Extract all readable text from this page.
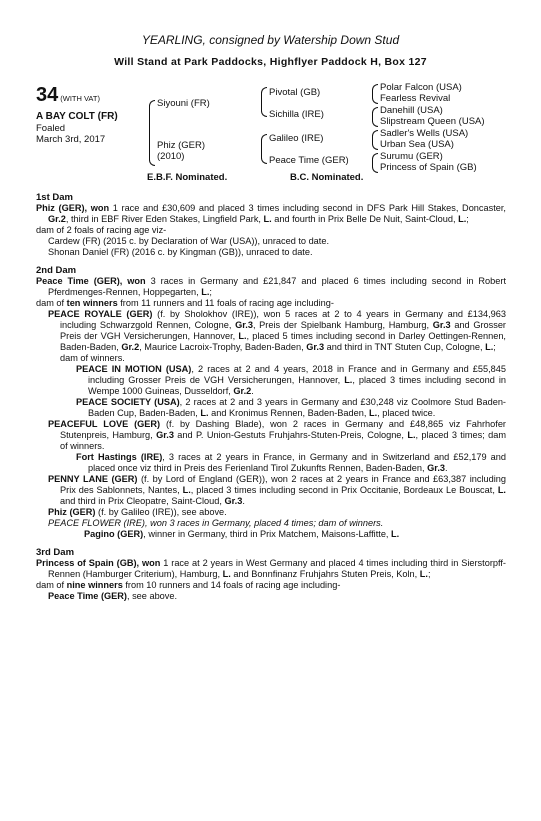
YEARLING, consigned by Watership Down Stud
Will Stand at Park Paddocks, Highflyer Paddock H, Box 127
34 (WITH VAT)
A BAY COLT (FR)
Foaled
March 3rd, 2017
Siyouni (FR)
Phiz (GER)
(2010)
Pivotal (GB)
Sichilla (IRE)
Galileo (IRE)
Peace Time (GER)
Polar Falcon (USA)
Fearless Revival
Danehill (USA)
Slipstream Queen (USA)
Sadler's Wells (USA)
Urban Sea (USA)
Surumu (GER)
Princess of Spain (GB)
E.B.F. Nominated.	B.C. Nominated.
1st Dam

Phiz (GER), won 1 race and £30,609 and placed 3 times including second in DFS Park Hill Stakes, Doncaster, Gr.2, third in EBF River Eden Stakes, Lingfield Park, L. and fourth in Prix Belle De Nuit, Saint-Cloud, L.;

dam of 2 foals of racing age viz-

Cardew (FR) (2015 c. by Declaration of War (USA)), unraced to date.

Shonan Daniel (FR) (2016 c. by Kingman (GB)), unraced to date.

2nd Dam

Peace Time (GER), won 3 races in Germany and £21,847 and placed 6 times including second in Robert Pferdmenges-Rennen, Hoppegarten, L.;

dam of ten winners from 11 runners and 11 foals of racing age including-

PEACE ROYALE (GER) (f. by Sholokhov (IRE)), won 5 races at 2 to 4 years in Germany and £134,963 including Schwarzgold Rennen, Cologne, Gr.3, Preis der Spielbank Hamburg, Hamburg, Gr.3 and Grosser Preis der VGH Versicherungen, Hannover, L., placed 5 times including second in Darley Oettingen-Rennen, Baden-Baden, Gr.2, Maurice Lacroix-Trophy, Baden-Baden, Gr.3 and third in TNT Stuten Cup, Cologne, L.;
dam of winners.

PEACE IN MOTION (USA), 2 races at 2 and 4 years, 2018 in France and in Germany and £55,845 including Grosser Preis de VGH Versicherungen, Hannover, L., placed 3 times including second in Wempe 1000 Guineas, Dusseldorf, Gr.2.

PEACE SOCIETY (USA), 2 races at 2 and 3 years in Germany and £30,248 viz Coolmore Stud Baden-Baden Cup, Baden-Baden, L. and Kronimus Rennen, Baden-Baden, L., placed twice.

PEACEFUL LOVE (GER) (f. by Dashing Blade), won 2 races in Germany and £48,865 viz Fahrhofer Stutenpreis, Hamburg, Gr.3 and P. Union-Gestuts Fruhjahrs-Stuten-Preis, Cologne, L., placed 3 times; dam of winners.

Fort Hastings (IRE), 3 races at 2 years in France, in Germany and in Switzerland and £52,179 and placed once viz third in Preis des Ferienland Tirol Zukunfts Rennen, Baden-Baden, Gr.3.

PENNY LANE (GER) (f. by Lord of England (GER)), won 2 races at 2 years in France and £63,387 including Prix des Sablonnets, Nantes, L., placed 3 times including second in Prix Occitanie, Bordeaux Le Bouscat, L. and third in Prix Cleopatre, Saint-Cloud, Gr.3.

Phiz (GER) (f. by Galileo (IRE)), see above.

PEACE FLOWER (IRE), won 3 races in Germany, placed 4 times; dam of winners.

Pagino (GER), winner in Germany, third in Prix Matchem, Maisons-Laffitte, L.

3rd Dam

Princess of Spain (GB), won 1 race at 2 years in West Germany and placed 4 times including third in Sierstorpff-Rennen (Hamburger Criterium), Hamburg, L. and Bonnfinanz Fruhjahrs Stuten Preis, Koln, L.;

dam of nine winners from 10 runners and 14 foals of racing age including-

Peace Time (GER), see above.
